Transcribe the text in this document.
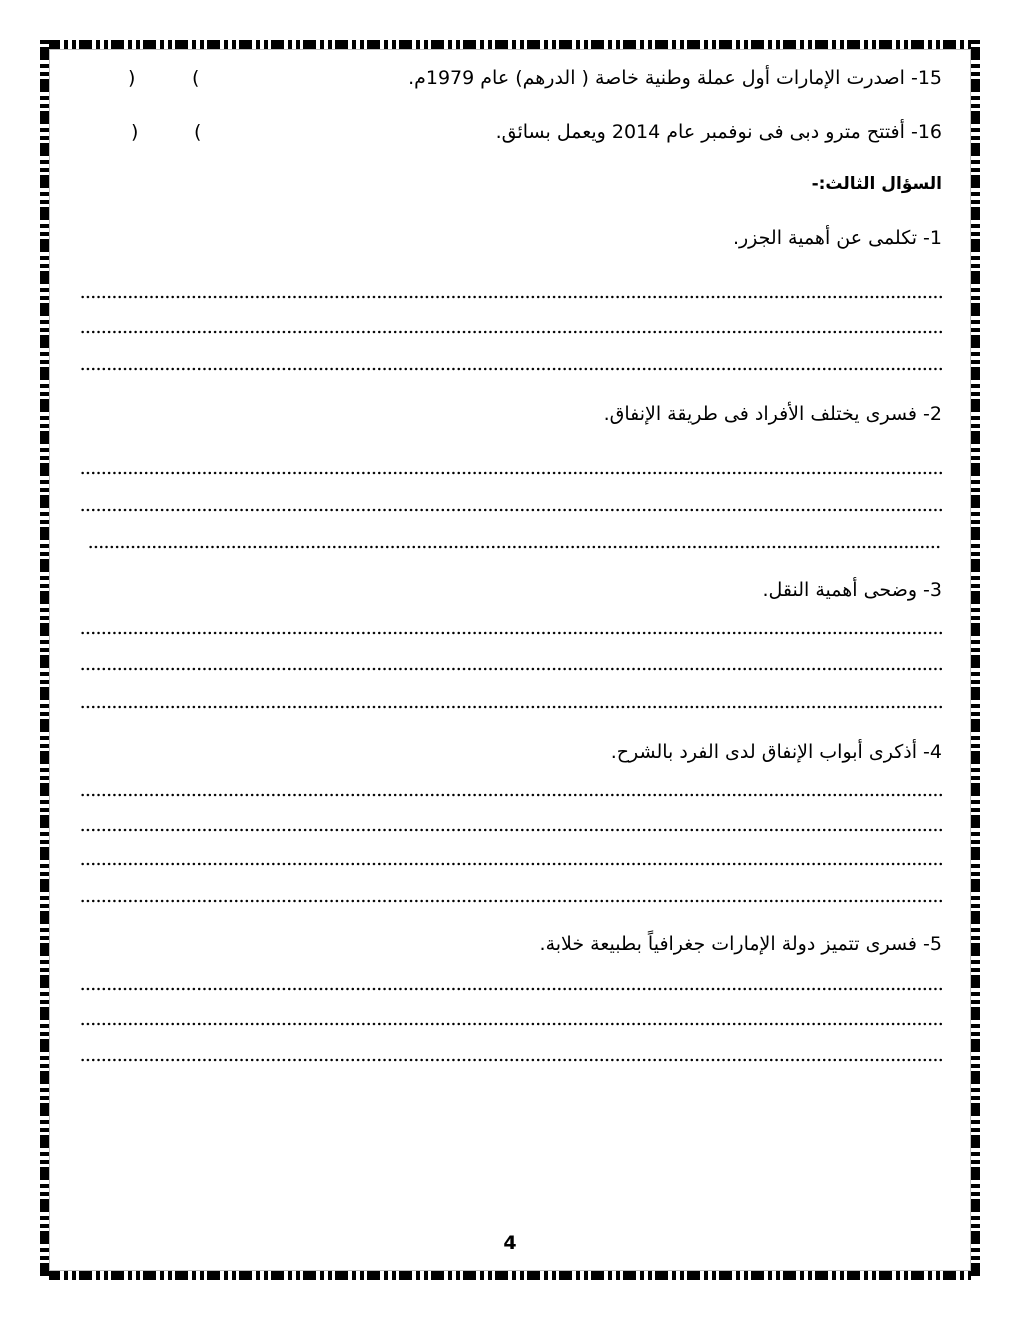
15- اصدرت الإمارات أول عملة وطنية خاصة ( الدرهم) عام 1979م.
(
)
16- أفتتح مترو دبى فى نوفمبر عام 2014 ويعمل بسائق.
(
)
السؤال الثالث:-
1- تكلمى عن أهمية الجزر.
2- فسرى يختلف الأفراد فى طريقة الإنفاق.
3- وضحى أهمية النقل.
4- أذكرى أبواب الإنفاق لدى الفرد بالشرح.
5- فسرى تتميز دولة الإمارات جغرافياً بطبيعة خلابة.
4
